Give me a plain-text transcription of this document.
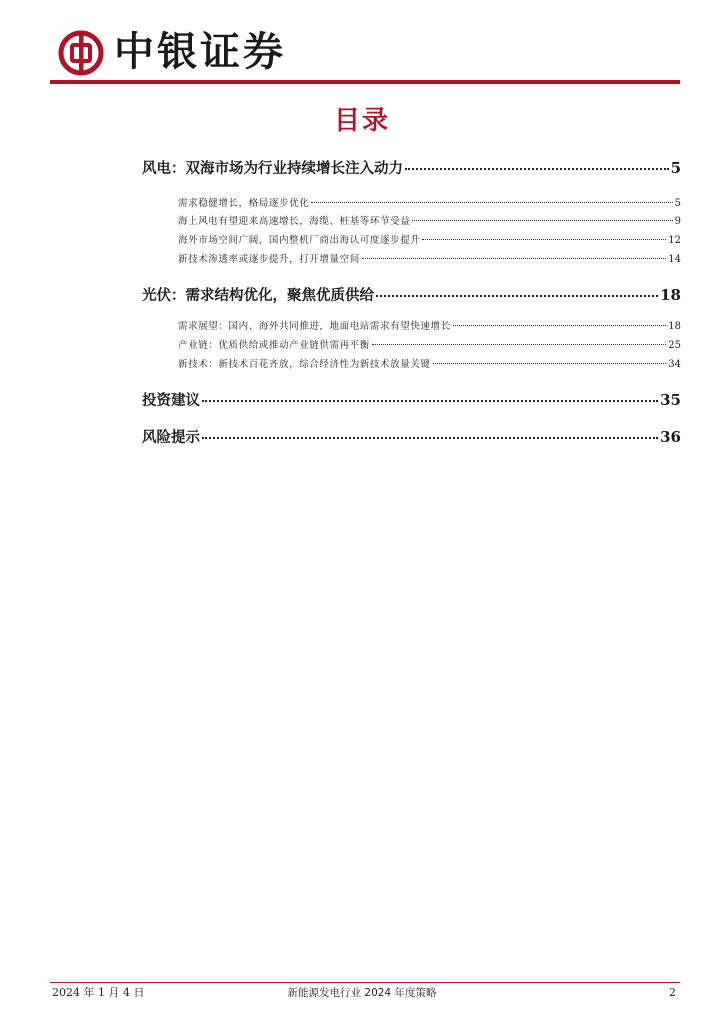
中银证券
目录
风电：双海市场为行业持续增长注入动力	5
需求稳健增长，格局逐步优化	5
海上风电有望迎来高速增长，海缆、桩基等环节受益	9
海外市场空间广阔，国内整机厂商出海认可度逐步提升	12
新技术渗透率或逐步提升，打开增量空间	14
光伏：需求结构优化，聚焦优质供给	18
需求展望：国内、海外共同推进，地面电站需求有望快速增长	18
产业链：优质供给或推动产业链供需再平衡	25
新技术：新技术百花齐放，综合经济性为新技术放量关键	34
投资建议	35
风险提示	36
2024 年 1 月 4 日	新能源发电行业 2024 年度策略	2
